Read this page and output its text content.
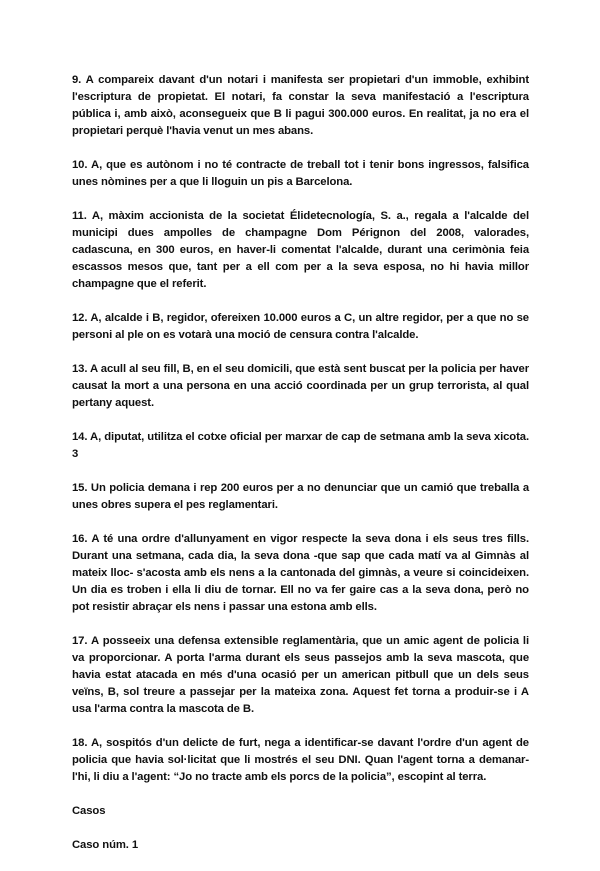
9. A compareix davant d'un notari i manifesta ser propietari d'un immoble, exhibint l'escriptura de propietat. El notari, fa constar la seva manifestació a l'escriptura pública i, amb això, aconsegueix que B li pagui 300.000 euros. En realitat, ja no era el propietari perquè l'havia venut un mes abans.

10. A, que es autònom i no té contracte de treball tot i tenir bons ingressos, falsifica unes nòmines per a que li lloguin un pis a Barcelona.

11. A, màxim accionista de la societat Élidetecnología, S. a., regala a l'alcalde del municipi dues ampolles de champagne Dom Pérignon del 2008, valorades, cadascuna, en 300 euros, en haver-li comentat l'alcalde, durant una cerimònia feia escassos mesos que, tant per a ell com per a la seva esposa, no hi havia millor champagne que el referit.

12. A, alcalde i B, regidor, ofereixen 10.000 euros a C, un altre regidor, per a que no se personi al ple on es votarà una moció de censura contra l'alcalde.

13. A acull al seu fill, B, en el seu domicili, que està sent buscat per la policia per haver causat la mort a una persona en una acció coordinada per un grup terrorista, al qual pertany aquest.

14. A, diputat, utilitza el cotxe oficial per marxar de cap de setmana amb la seva xicota. 3

15. Un policia demana i rep 200 euros per a no denunciar que un camió que treballa a unes obres supera el pes reglamentari.

16. A té una ordre d'allunyament en vigor respecte la seva dona i els seus tres fills. Durant una setmana, cada dia, la seva dona -que sap que cada matí va al Gimnàs al mateix lloc- s'acosta amb els nens a la cantonada del gimnàs, a veure si coincideixen. Un dia es troben i ella li diu de tornar. Ell no va fer gaire cas a la seva dona, però no pot resistir abraçar els nens i passar una estona amb ells.

17. A posseeix una defensa extensible reglamentària, que un amic agent de policia li va proporcionar. A porta l'arma durant els seus passejos amb la seva mascota, que havia estat atacada en més d'una ocasió per un american pitbull que un dels seus veïns, B, sol treure a passejar per la mateixa zona. Aquest fet torna a produir-se i A usa l'arma contra la mascota de B.

18. A, sospitós d'un delicte de furt, nega a identificar-se davant l'ordre d'un agent de policia que havia sol·licitat que li mostrés el seu DNI. Quan l'agent torna a demanar-l'hi, li diu a l'agent: “Jo no tracte amb els porcs de la policia”, escopint al terra.

Casos

Caso núm. 1
